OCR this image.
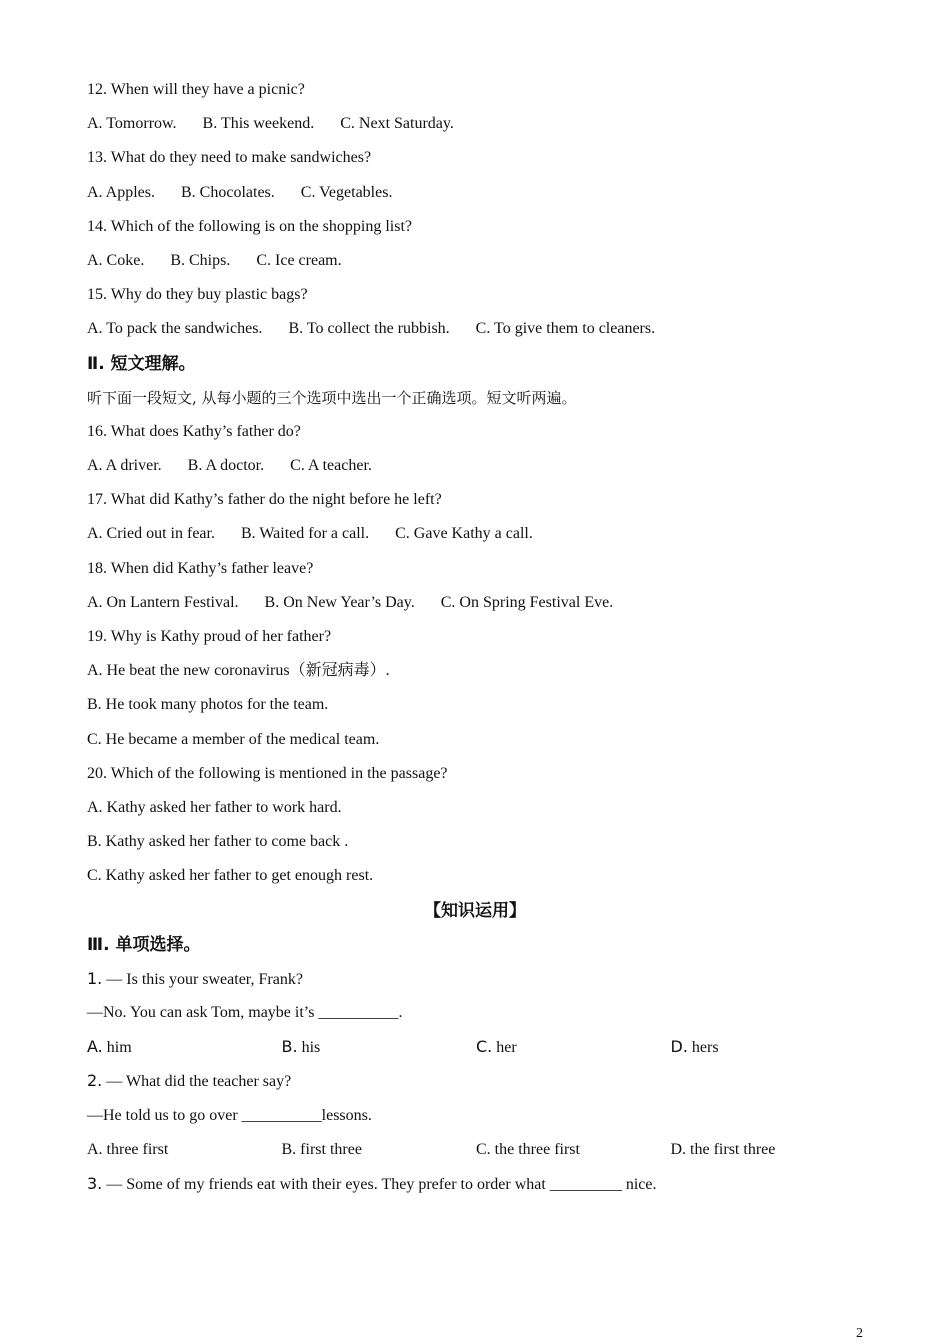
12. When will they have a picnic?
A. Tomorrow. B. This weekend. C. Next Saturday.
13. What do they need to make sandwiches?
A. Apples. B. Chocolates. C. Vegetables.
14. Which of the following is on the shopping list?
A. Coke. B. Chips. C. Ice cream.
15. Why do they buy plastic bags?
A. To pack the sandwiches. B. To collect the rubbish. C. To give them to cleaners.
Ⅱ. 短文理解。
听下面一段短文, 从每小题的三个选项中选出一个正确选项。短文听两遍。
16. What does Kathy’s father do?
A. A driver. B. A doctor. C. A teacher.
17. What did Kathy’s father do the night before he left?
A. Cried out in fear. B. Waited for a call. C. Gave Kathy a call.
18. When did Kathy’s father leave?
A. On Lantern Festival. B. On New Year’s Day. C. On Spring Festival Eve.
19. Why is Kathy proud of her father?
A. He beat the new coronavirus（新冠病毒）.
B. He took many photos for the team.
C. He became a member of the medical team.
20. Which of the following is mentioned in the passage?
A. Kathy asked her father to work hard.
B. Kathy asked her father to come back .
C. Kathy asked her father to get enough rest.
【知识运用】
Ⅲ. 单项选择。
1. — Is this your sweater, Frank?
—No. You can ask Tom, maybe it’s __________.
A. him	B. his	C. her	D. hers
2. — What did the teacher say?
—He told us to go over __________lessons.
A. three first	B. first three	C. the three first	D. the first three
3. — Some of my friends eat with their eyes. They prefer to order what _________ nice.
2
